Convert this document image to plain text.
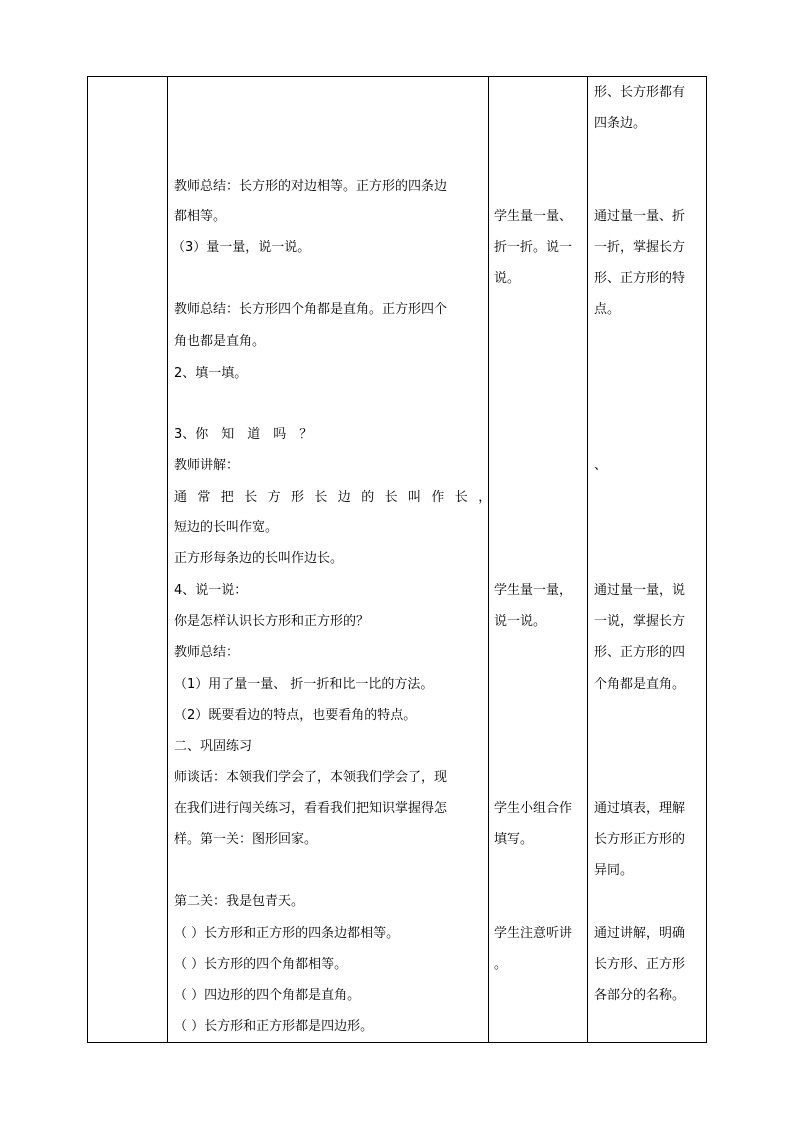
教师总结：长方形的对边相等。正方形的四条边
都相等。
（3）量一量，说一说。
教师总结：长方形四个角都是直角。正方形四个
角也都是直角。
2、填一填。
3、你　知　道　吗　？
教师讲解：
通常把长方形长边的长叫作长，
短边的长叫作宽。
正方形每条边的长叫作边长。
4、说一说：
你是怎样认识长方形和正方形的？
教师总结：
（1）用了量一量、 折一折和比一比的方法。
（2）既要看边的特点，也要看角的特点。
二、巩固练习
师谈话：本领我们学会了，本领我们学会了，现
在我们进行闯关练习，看看我们把知识掌握得怎
样。第一关：图形回家。
第二关：我是包青天。
（ ）长方形和正方形的四条边都相等。
（ ）长方形的四个角都相等。
（ ）四边形的四个角都是直角。
（ ）长方形和正方形都是四边形。
学生量一量、
折一折。说一
说。
学生量一量，
说一说。
学生小组合作
填写。
学生注意听讲
。
形、长方形都有
四条边。
通过量一量、折
一折，掌握长方
形、正方形的特
点。
、
通过量一量，说
一说，掌握长方
形、正方形的四
个角都是直角。
通过填表，理解
长方形正方形的
异同。
通过讲解，明确
长方形、正方形
各部分的名称。
